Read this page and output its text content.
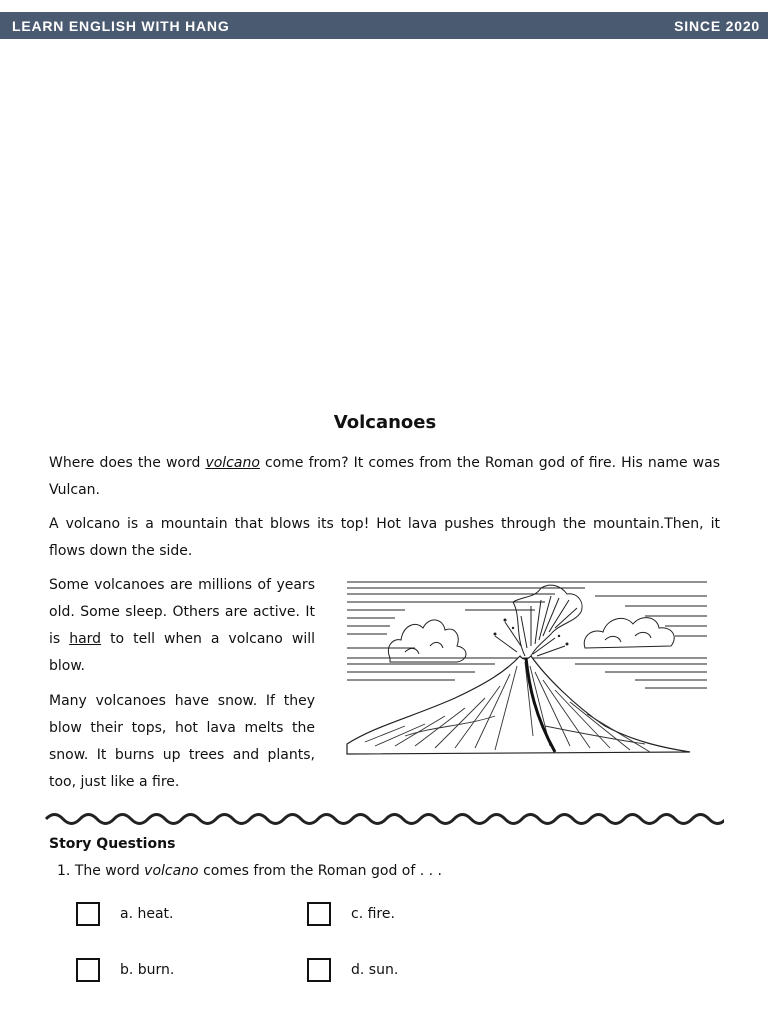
LEARN ENGLISH WITH HANG	SINCE 2020
Volcanoes

Where does the word volcano come from? It comes from the Roman god of fire. His name was Vulcan.

A volcano is a mountain that blows its top! Hot lava pushes through the mountain.Then, it flows down the side.

Some volcanoes are millions of years old. Some sleep. Others are active. It is hard to tell when a volcano will blow.

Many volcanoes have snow. If they blow their tops, hot lava melts the snow. It burns up trees and plants, too, just like a fire.

Story Questions
1. The word volcano comes from the Roman god of . . .
a. heat.
b. burn.
c. fire.
d. sun.
